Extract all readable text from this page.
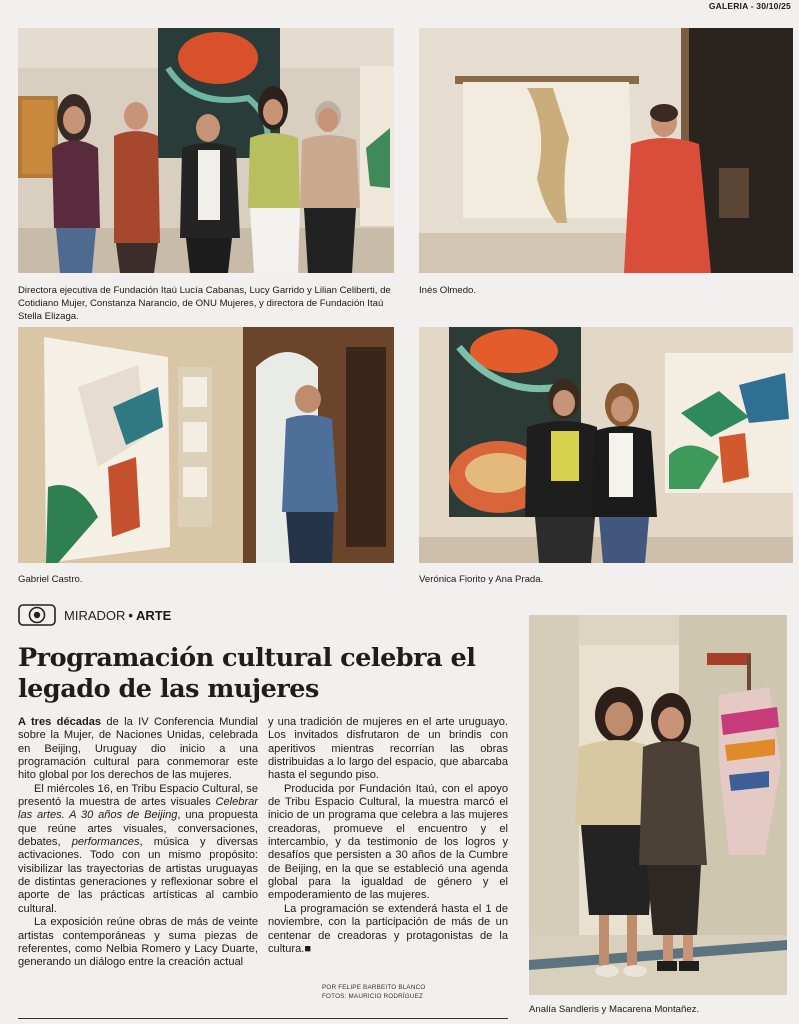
GALERIA - 30/10/25
Directora ejecutiva de Fundación Itaú Lucía Cabanas, Lucy Garrido y Lilian Celiberti, de Cotidiano Mujer, Constanza Narancio, de ONU Mujeres, y directora de Fundación Itaú Stella Elizaga.
Inés Olmedo.
Gabriel Castro.	Verónica Fiorito y Ana Prada.
MIRADOR • ARTE
Programación cultural celebra el legado de las mujeres

A tres décadas de la IV Conferencia Mundial sobre la Mujer, de Naciones Unidas, celebrada en Beijing, Uruguay dio inicio a una programación cultural para conmemorar este hito global por los derechos de las mujeres.

El miércoles 16, en Tribu Espacio Cultural, se presentó la muestra de artes visuales Celebrar las artes. A 30 años de Beijing, una propuesta que reúne artes visuales, conversaciones, debates, performances, música y diversas activaciones. Todo con un mismo propósito: visibilizar las trayectorias de artistas uruguayas de distintas generaciones y reflexionar sobre el aporte de las prácticas artísticas al cambio cultural.

La exposición reúne obras de más de veinte artistas contemporáneas y suma piezas de referentes, como Nelbia Romero y Lacy Duarte, generando un diálogo entre la creación actual

y una tradición de mujeres en el arte uruguayo. Los invitados disfrutaron de un brindis con aperitivos mientras recorrían las obras distribuidas a lo largo del espacio, que abarcaba hasta el segundo piso.

Producida por Fundación Itaú, con el apoyo de Tribu Espacio Cultural, la muestra marcó el inicio de un programa que celebra a las mujeres creadoras, promueve el encuentro y el intercambio, y da testimonio de los logros y desafíos que persisten a 30 años de la Cumbre de Beijing, en la que se estableció una agenda global para la igualdad de género y el empoderamiento de las mujeres.

La programación se extenderá hasta el 1 de noviembre, con la participación de más de un centenar de creadoras y protagonistas de la cultura.■

POR FELIPE BARBEITO BLANCO
FOTOS: MAURICIO RODRÍGUEZ
Analía Sandleris y Macarena Montañez.
